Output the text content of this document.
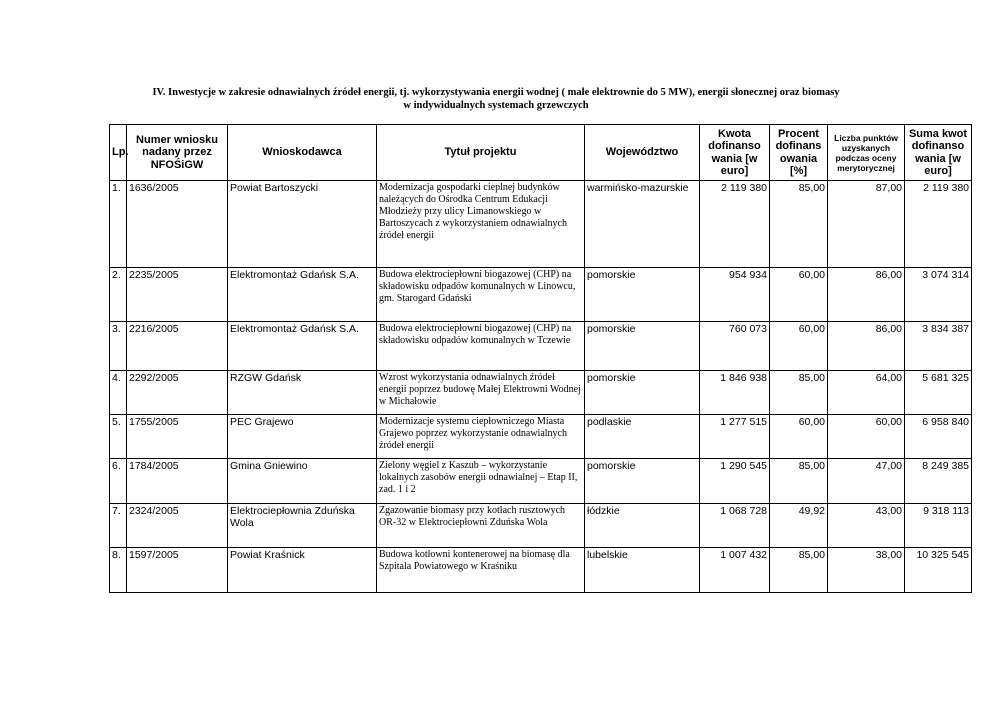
IV. Inwestycje w zakresie odnawialnych źródeł energii, tj. wykorzystywania energii wodnej ( małe elektrownie do 5 MW), energii słonecznej oraz biomasy
w indywidualnych systemach grzewczych
Lp.	Numer wniosku nadany przez NFOŚiGW	Wnioskodawca	Tytuł projektu	Województwo	Kwota dofinanso wania [w euro]	Procent dofinans owania [%]	Liczba punktów uzyskanych podczas oceny merytorycznej	Suma kwot dofinanso wania [w euro]
1.	1636/2005	Powiat Bartoszycki	Modernizacja gospodarki cieplnej budynków należących do Ośrodka Centrum Edukacji Młodzieży przy ulicy Limanowskiego w Bartoszycach z wykorzystaniem odnawialnych źródeł energii	warmińsko-mazurskie	2 119 380	85,00	87,00	2 119 380
2.	2235/2005	Elektromontaż Gdańsk S.A.	Budowa elektrociepłowni biogazowej (CHP) na składowisku odpadów komunalnych w Linowcu, gm. Starogard Gdański	pomorskie	954 934	60,00	86,00	3 074 314
3.	2216/2005	Elektromontaż Gdańsk S.A.	Budowa elektrociepłowni biogazowej (CHP) na składowisku odpadów komunalnych w Tczewie	pomorskie	760 073	60,00	86,00	3 834 387
4.	2292/2005	RZGW Gdańsk	Wzrost wykorzystania odnawialnych źródeł energii poprzez budowę Małej Elektrowni Wodnej w Michałowie	pomorskie	1 846 938	85,00	64,00	5 681 325
5.	1755/2005	PEC Grajewo	Modernizacje systemu ciepłowniczego Miasta Grajewo poprzez wykorzystanie odnawialnych źródeł energii	podlaskie	1 277 515	60,00	60,00	6 958 840
6.	1784/2005	Gmina Gniewino	Zielony węgiel z Kaszub – wykorzystanie lokalnych zasobów energii odnawialnej – Etap II, zad. 1 i 2	pomorskie	1 290 545	85,00	47,00	8 249 385
7.	2324/2005	Elektrociepłownia Zduńska Wola	Zgazowanie biomasy przy kotłach rusztowych OR-32 w Elektrociepłowni Zduńska Wola	łódzkie	1 068 728	49,92	43,00	9 318 113
8.	1597/2005	Powiat Kraśnick	Budowa kotłowni kontenerowej na biomasę dla Szpitala Powiatowego w Kraśniku	lubelskie	1 007 432	85,00	38,00	10 325 545
